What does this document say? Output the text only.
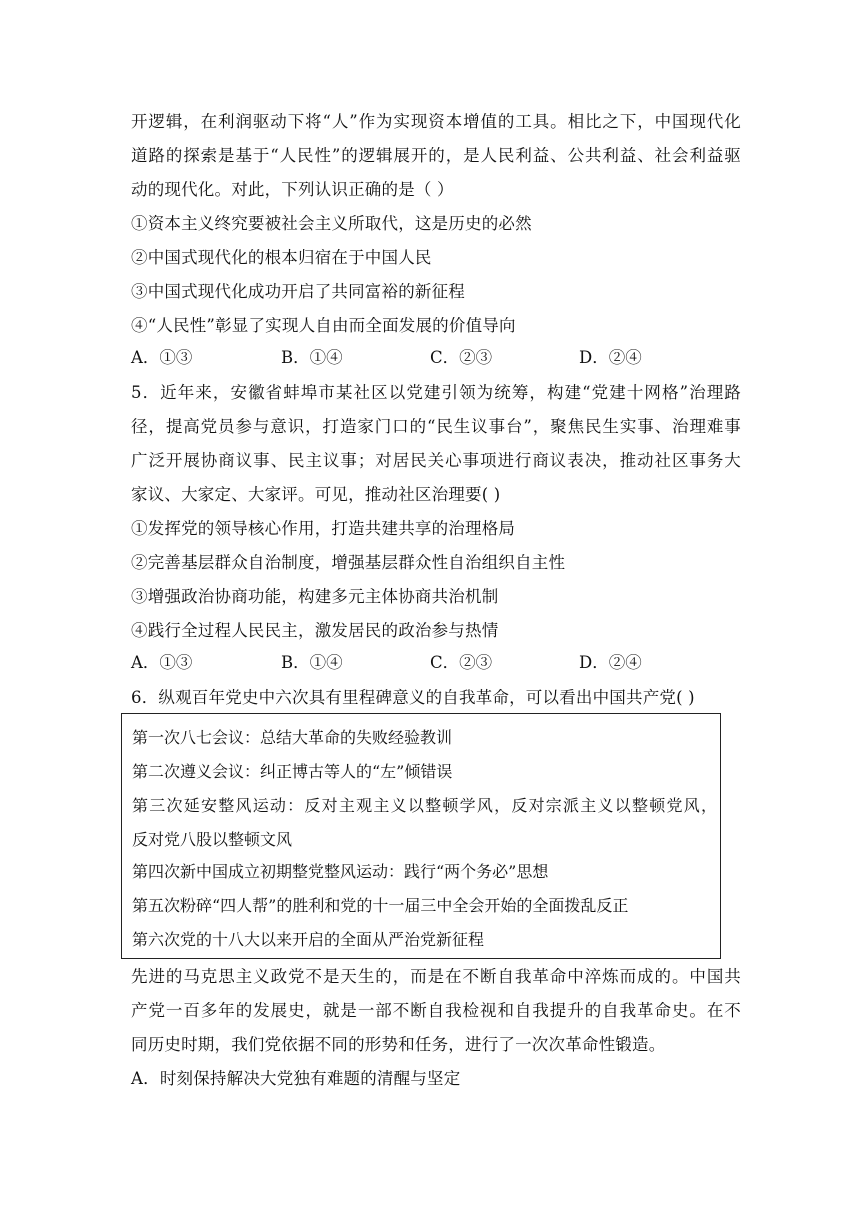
开逻辑，在利润驱动下将“人”作为实现资本增值的工具。相比之下，中国现代化
道路的探索是基于“人民性”的逻辑展开的，是人民利益、公共利益、社会利益驱
动的现代化。对此，下列认识正确的是（ ）
①资本主义终究要被社会主义所取代，这是历史的必然
②中国式现代化的根本归宿在于中国人民
③中国式现代化成功开启了共同富裕的新征程
④“人民性”彰显了实现人自由而全面发展的价值导向
A．①③	B．①④	C．②③	D．②④
5．近年来，安徽省蚌埠市某社区以党建引领为统筹，构建“党建十网格”治理路
径，提高党员参与意识，打造家门口的“民生议事台”，聚焦民生实事、治理难事
广泛开展协商议事、民主议事；对居民关心事项进行商议表决，推动社区事务大
家议、大家定、大家评。可见，推动社区治理要( )
①发挥党的领导核心作用，打造共建共享的治理格局
②完善基层群众自治制度，增强基层群众性自治组织自主性
③增强政治协商功能，构建多元主体协商共治机制
④践行全过程人民民主，激发居民的政治参与热情
A．①③	B．①④	C．②③	D．②④
6．纵观百年党史中六次具有里程碑意义的自我革命，可以看出中国共产党( )
第一次八七会议：总结大革命的失败经验教训
第二次遵义会议：纠正博古等人的“左”倾错误
第三次延安整风运动：反对主观主义以整顿学风，反对宗派主义以整顿党风，
反对党八股以整顿文风
第四次新中国成立初期整党整风运动：践行“两个务必”思想
第五次粉碎“四人帮”的胜利和党的十一届三中全会开始的全面拨乱反正
第六次党的十八大以来开启的全面从严治党新征程
先进的马克思主义政党不是天生的，而是在不断自我革命中淬炼而成的。中国共
产党一百多年的发展史，就是一部不断自我检视和自我提升的自我革命史。在不
同历史时期，我们党依据不同的形势和任务，进行了一次次革命性锻造。
A．时刻保持解决大党独有难题的清醒与坚定
